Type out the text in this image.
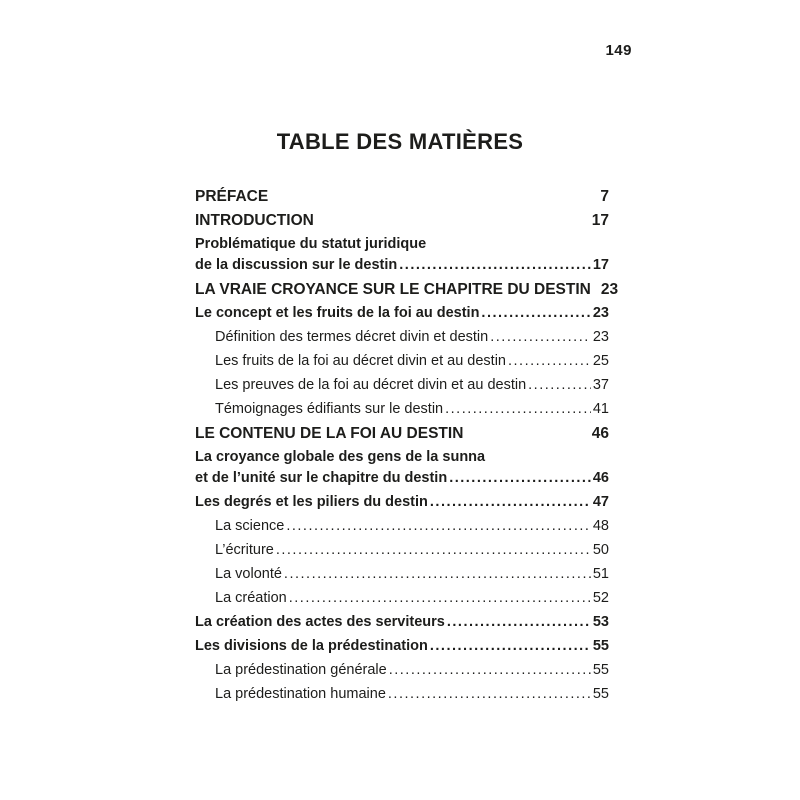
149
TABLE DES MATIÈRES
PRÉFACE	7
INTRODUCTION	17
Problématique du statut juridique
de la discussion sur le destin .....	17
LA VRAIE CROYANCE SUR LE CHAPITRE DU DESTIN 23
Le concept et les fruits de la foi au destin .....	23
Définition des termes décret divin et destin .....	23
Les fruits de la foi au décret divin et au destin .....	25
Les preuves de la foi au décret divin et au destin .....	37
Témoignages édifiants sur le destin .....	41
LE CONTENU DE LA FOI AU DESTIN	46
La croyance globale des gens de la sunna
et de l’unité sur le chapitre du destin .....	46
Les degrés et les piliers du destin .....	47
La science .....	48
L’écriture .....	50
La volonté .....	51
La création .....	52
La création des actes des serviteurs .....	53
Les divisions de la prédestination .....	55
La prédestination générale .....	55
La prédestination humaine .....	55
